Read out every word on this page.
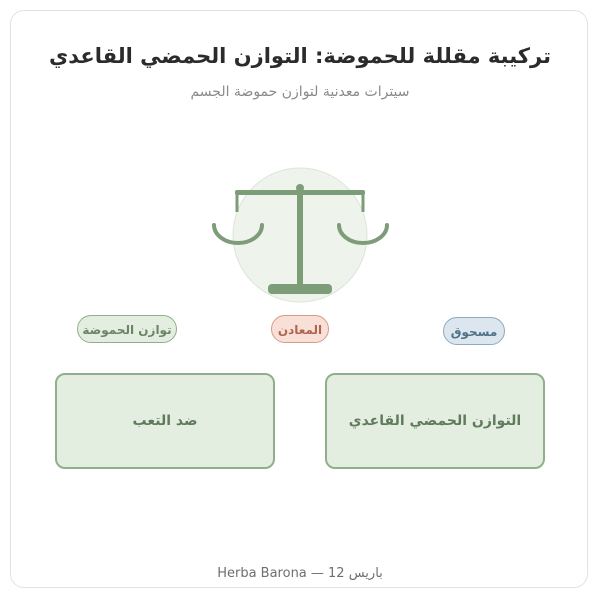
تركيبة مقللة للحموضة: التوازن الحمضي القاعدي
سيترات معدنية لتوازن حموضة الجسم
توازن الحموضة	المعادن	مسحوق
ضد التعب	التوازن الحمضي القاعدي
Herba Barona — 12 باريس
